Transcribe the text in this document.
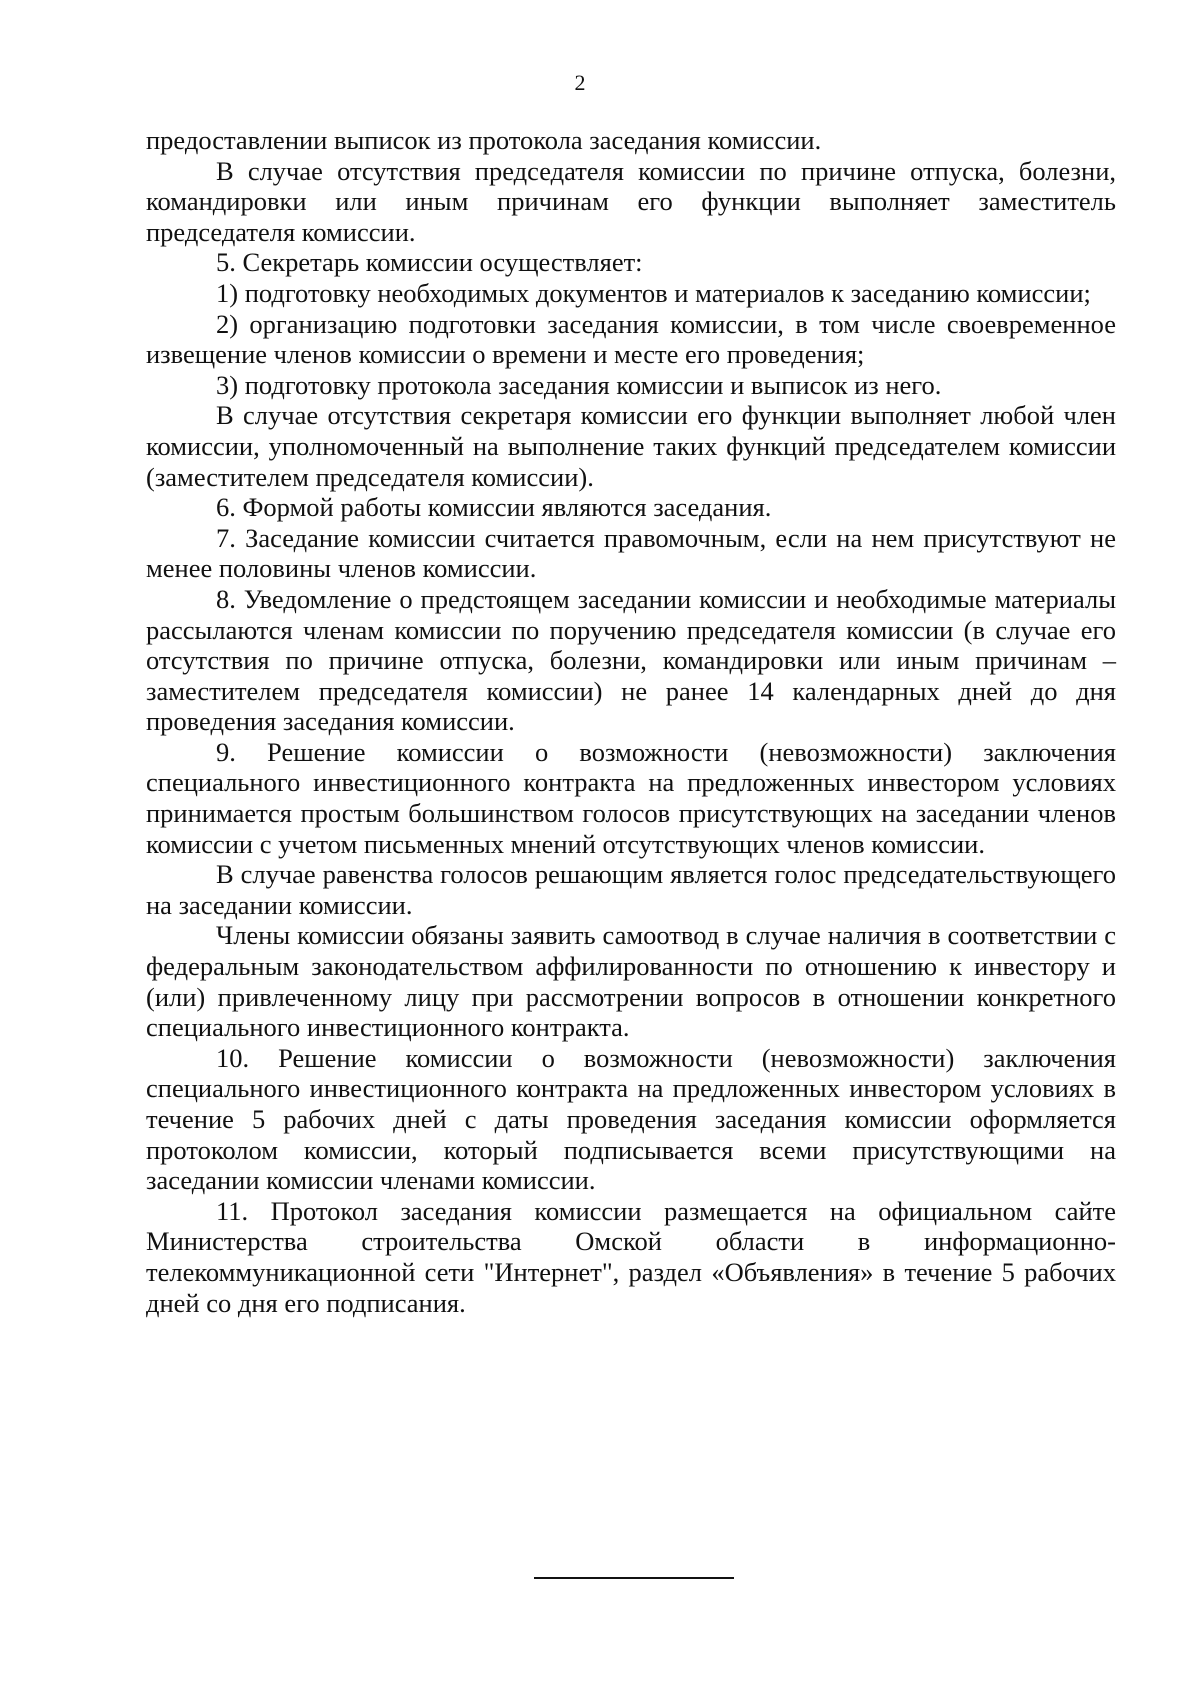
2

предоставлении выписок из протокола заседания комиссии.

В случае отсутствия председателя комиссии по причине отпуска, болезни, командировки или иным причинам его функции выполняет заместитель председателя комиссии.

5. Секретарь комиссии осуществляет:

1) подготовку необходимых документов и материалов к заседанию комиссии;

2) организацию подготовки заседания комиссии, в том числе своевременное извещение членов комиссии о времени и месте его проведения;

3) подготовку протокола заседания комиссии и выписок из него.

В случае отсутствия секретаря комиссии его функции выполняет любой член комиссии, уполномоченный на выполнение таких функций председателем комиссии (заместителем председателя комиссии).

6. Формой работы комиссии являются заседания.

7. Заседание комиссии считается правомочным, если на нем присутствуют не менее половины членов комиссии.

8. Уведомление о предстоящем заседании комиссии и необходимые материалы рассылаются членам комиссии по поручению председателя комиссии (в случае его отсутствия по причине отпуска, болезни, командировки или иным причинам – заместителем председателя комиссии) не ранее 14 календарных дней до дня проведения заседания комиссии.

9. Решение комиссии о возможности (невозможности) заключения специального инвестиционного контракта на предложенных инвестором условиях принимается простым большинством голосов присутствующих на заседании членов комиссии с учетом письменных мнений отсутствующих членов комиссии.

В случае равенства голосов решающим является голос председательствующего на заседании комиссии.

Члены комиссии обязаны заявить самоотвод в случае наличия в соответствии с федеральным законодательством аффилированности по отношению к инвестору и (или) привлеченному лицу при рассмотрении вопросов в отношении конкретного специального инвестиционного контракта.

10. Решение комиссии о возможности (невозможности) заключения специального инвестиционного контракта на предложенных инвестором условиях в течение 5 рабочих дней с даты проведения заседания комиссии оформляется протоколом комиссии, который подписывается всеми присутствующими на заседании комиссии членами комиссии.

11. Протокол заседания комиссии размещается на официальном сайте Министерства строительства Омской области в информационно-телекоммуникационной сети "Интернет", раздел «Объявления» в течение 5 рабочих дней со дня его подписания.
